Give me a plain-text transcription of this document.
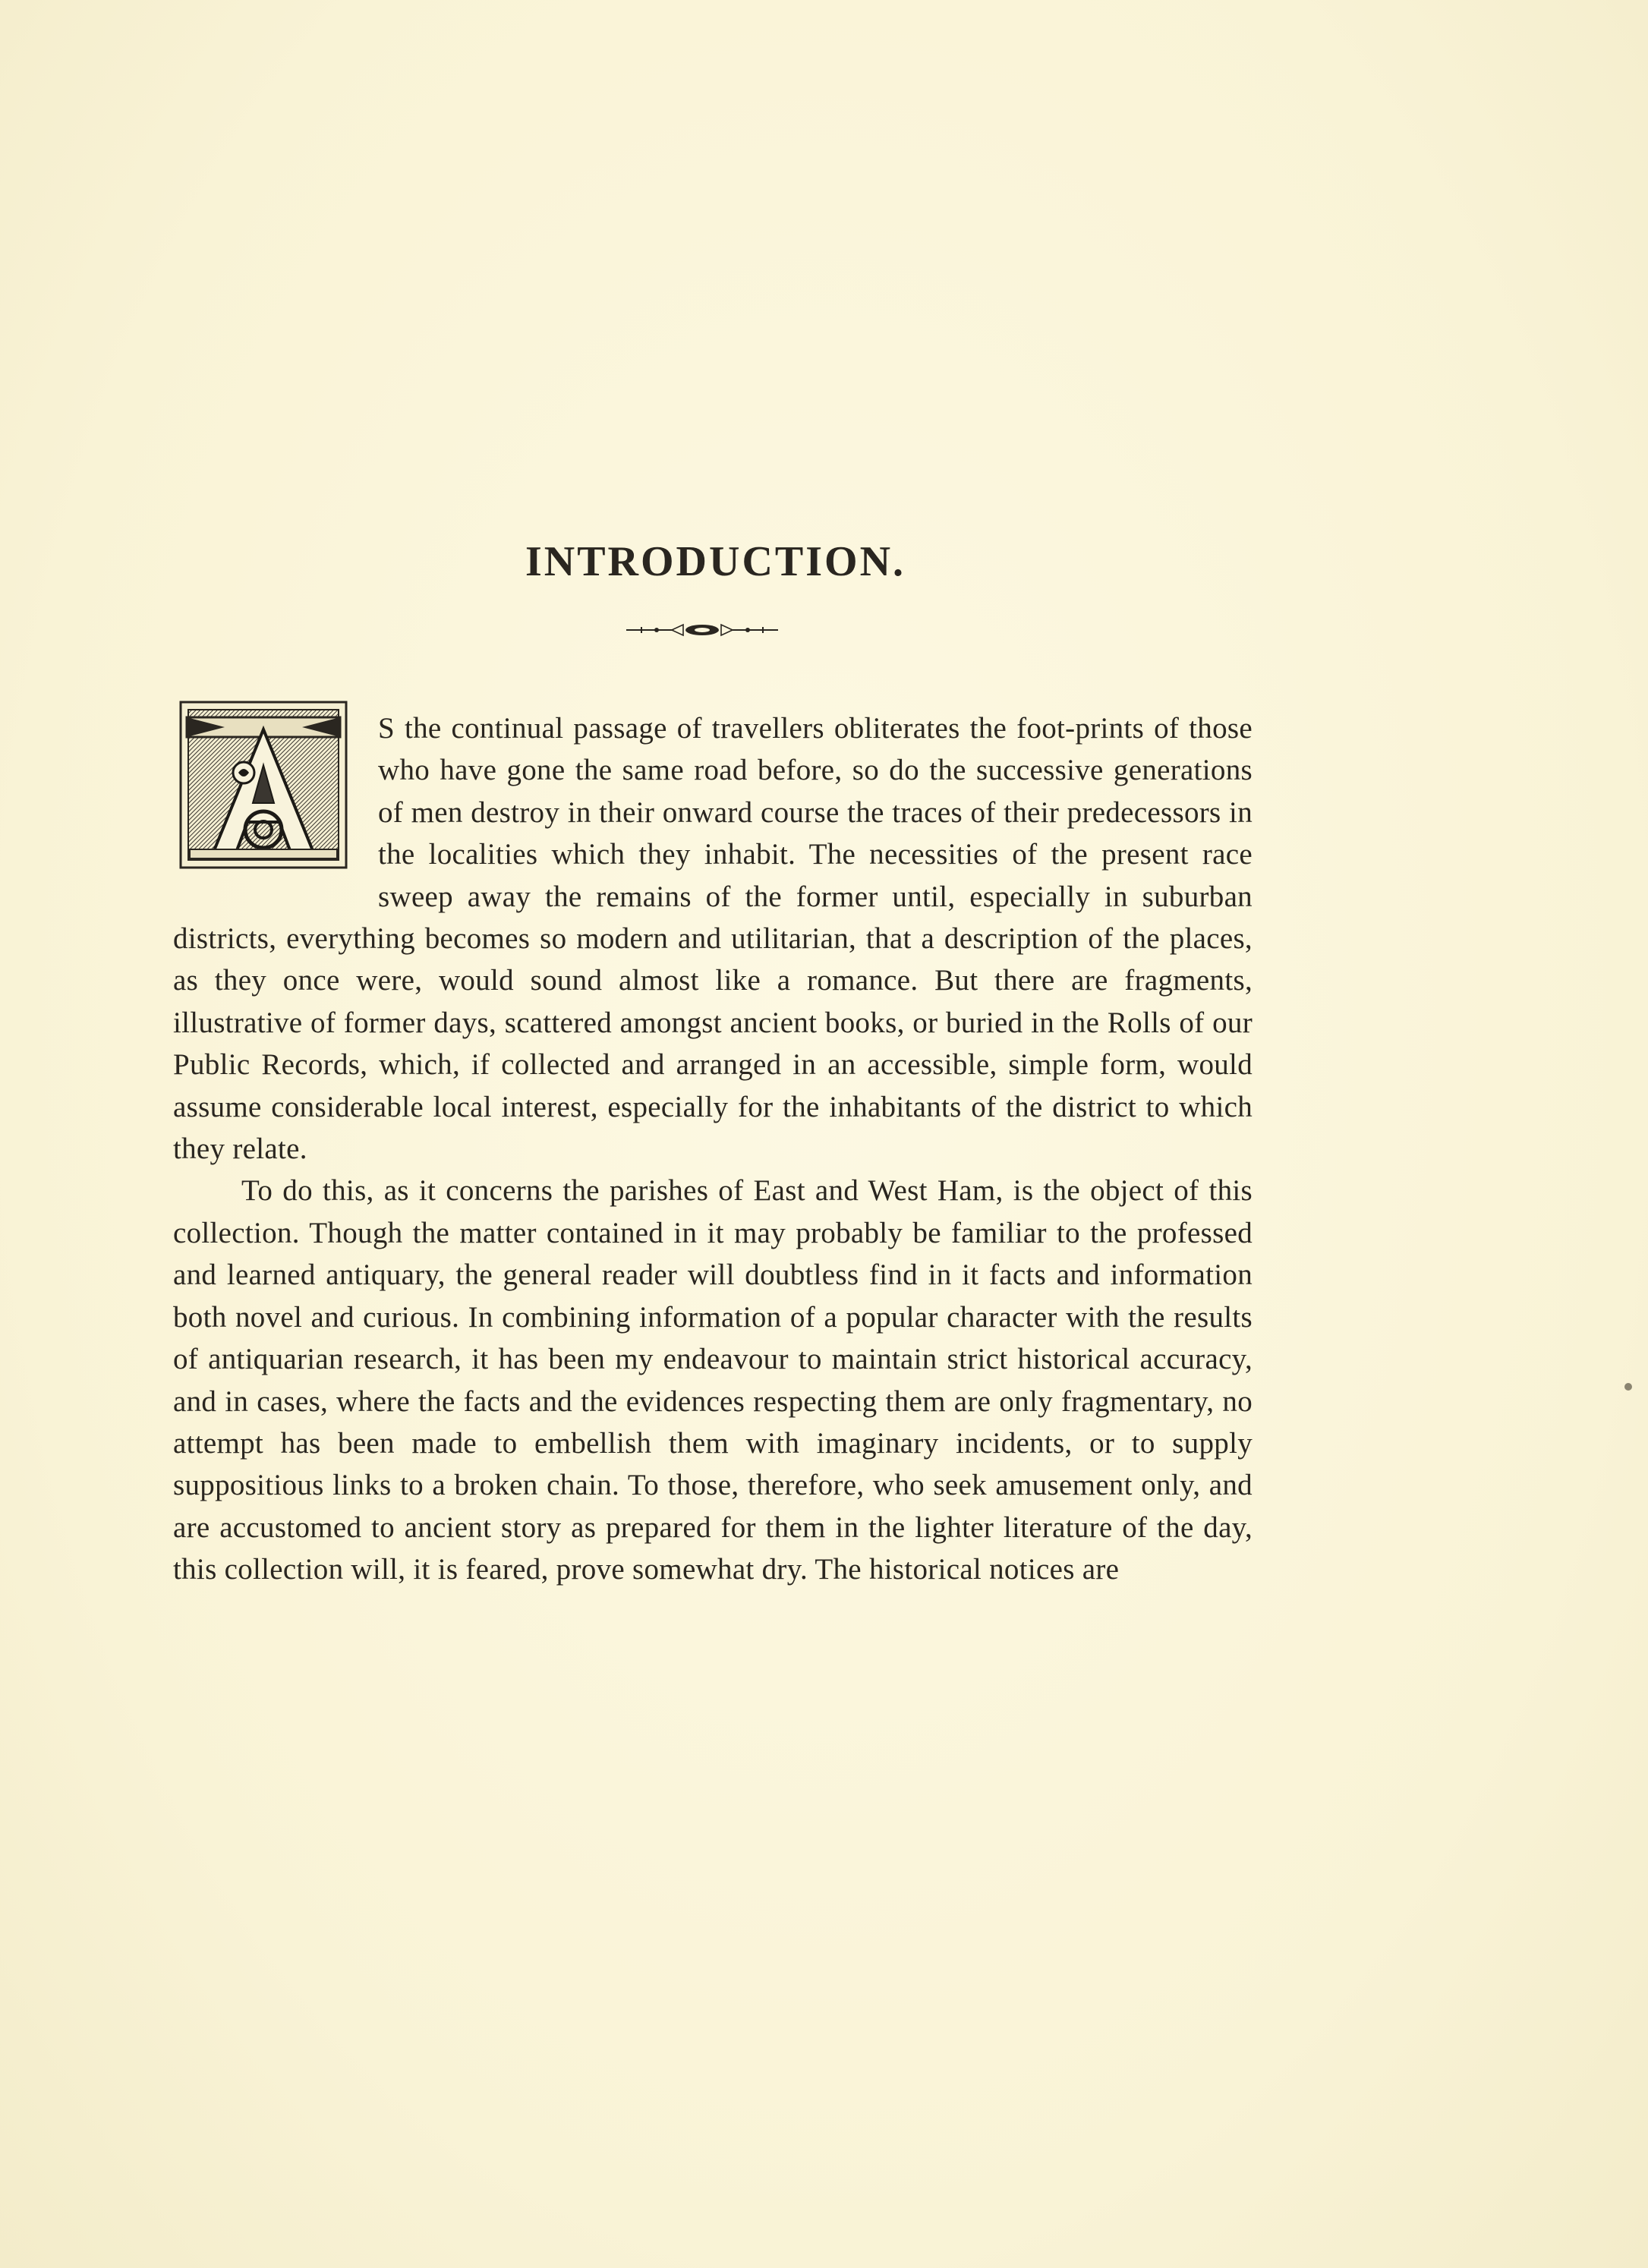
INTRODUCTION.

S the continual passage of travellers obliterates the foot-prints of those who have gone the same road before, so do the successive generations of men destroy in their onward course the traces of their predecessors in the localities which they inhabit. The necessities of the present race sweep away the remains of the former until, especially in suburban districts, everything becomes so modern and utilitarian, that a description of the places, as they once were, would sound almost like a romance. But there are fragments, illustrative of former days, scattered amongst ancient books, or buried in the Rolls of our Public Records, which, if collected and arranged in an accessible, simple form, would assume considerable local interest, especially for the inhabitants of the district to which they relate.

To do this, as it concerns the parishes of East and West Ham, is the object of this collection. Though the matter contained in it may probably be familiar to the professed and learned antiquary, the general reader will doubtless find in it facts and information both novel and curious. In combining information of a popular character with the results of antiquarian research, it has been my endeavour to maintain strict historical accuracy, and in cases, where the facts and the evidences respecting them are only fragmentary, no attempt has been made to embellish them with imaginary incidents, or to supply suppositious links to a broken chain. To those, therefore, who seek amusement only, and are accustomed to ancient story as prepared for them in the lighter literature of the day, this collection will, it is feared, prove somewhat dry. The historical notices are
